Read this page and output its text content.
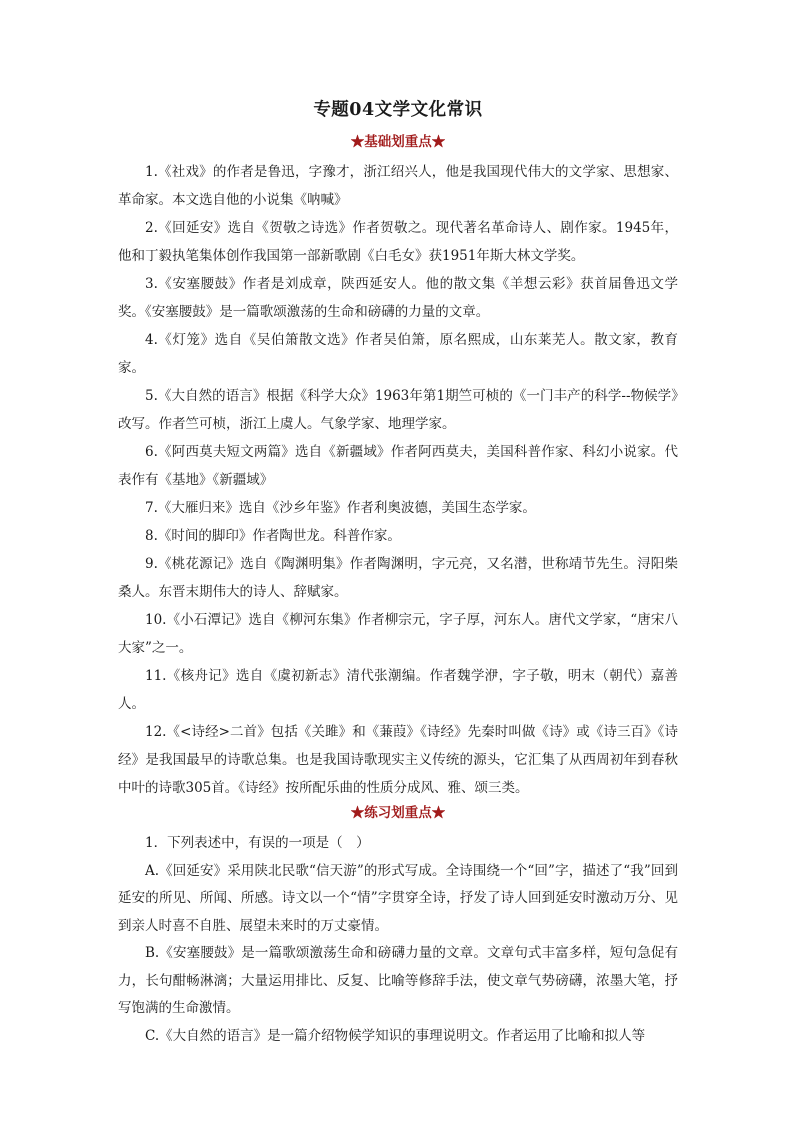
专题04文学文化常识
★基础划重点★

1.《社戏》的作者是鲁迅，字豫才，浙江绍兴人，他是我国现代伟大的文学家、思想家、革命家。本文选自他的小说集《呐喊》

2.《回延安》选自《贺敬之诗选》作者贺敬之。现代著名革命诗人、剧作家。1945年，他和丁毅执笔集体创作我国第一部新歌剧《白毛女》获1951年斯大林文学奖。

3.《安塞腰鼓》作者是刘成章，陕西延安人。他的散文集《羊想云彩》获首届鲁迅文学奖。《安塞腰鼓》是一篇歌颂激荡的生命和磅礴的力量的文章。

4.《灯笼》选自《吴伯箫散文选》作者吴伯箫，原名熙成，山东莱芜人。散文家，教育家。

5.《大自然的语言》根据《科学大众》1963年第1期竺可桢的《一门丰产的科学--物候学》改写。作者竺可桢，浙江上虞人。气象学家、地理学家。

6.《阿西莫夫短文两篇》选自《新疆域》作者阿西莫夫，美国科普作家、科幻小说家。代表作有《基地》《新疆域》

7.《大雁归来》选自《沙乡年鉴》作者利奥波德，美国生态学家。

8.《时间的脚印》作者陶世龙。科普作家。

9.《桃花源记》选自《陶渊明集》作者陶渊明，字元亮，又名潜，世称靖节先生。浔阳柴桑人。东晋末期伟大的诗人、辞赋家。

10.《小石潭记》选自《柳河东集》作者柳宗元，字子厚，河东人。唐代文学家，“唐宋八大家”之一。

11.《核舟记》选自《虞初新志》清代张潮编。作者魏学洢，字子敬，明末（朝代）嘉善人。

12.《<诗经>二首》包括《关雎》和《蒹葭》《诗经》先秦时叫做《诗》或《诗三百》《诗经》是我国最早的诗歌总集。也是我国诗歌现实主义传统的源头，它汇集了从西周初年到春秋中叶的诗歌305首。《诗经》按所配乐曲的性质分成风、雅、颂三类。

★练习划重点★

1．下列表述中，有误的一项是（　）

A.《回延安》采用陕北民歌“信天游”的形式写成。全诗围绕一个“回”字，描述了“我”回到延安的所见、所闻、所感。诗文以一个“情”字贯穿全诗，抒发了诗人回到延安时激动万分、见到亲人时喜不自胜、展望未来时的万丈豪情。

B.《安塞腰鼓》是一篇歌颂激荡生命和磅礴力量的文章。文章句式丰富多样，短句急促有力，长句酣畅淋漓；大量运用排比、反复、比喻等修辞手法，使文章气势磅礴，浓墨大笔，抒写饱满的生命激情。

C.《大自然的语言》是一篇介绍物候学知识的事理说明文。作者运用了比喻和拟人等
